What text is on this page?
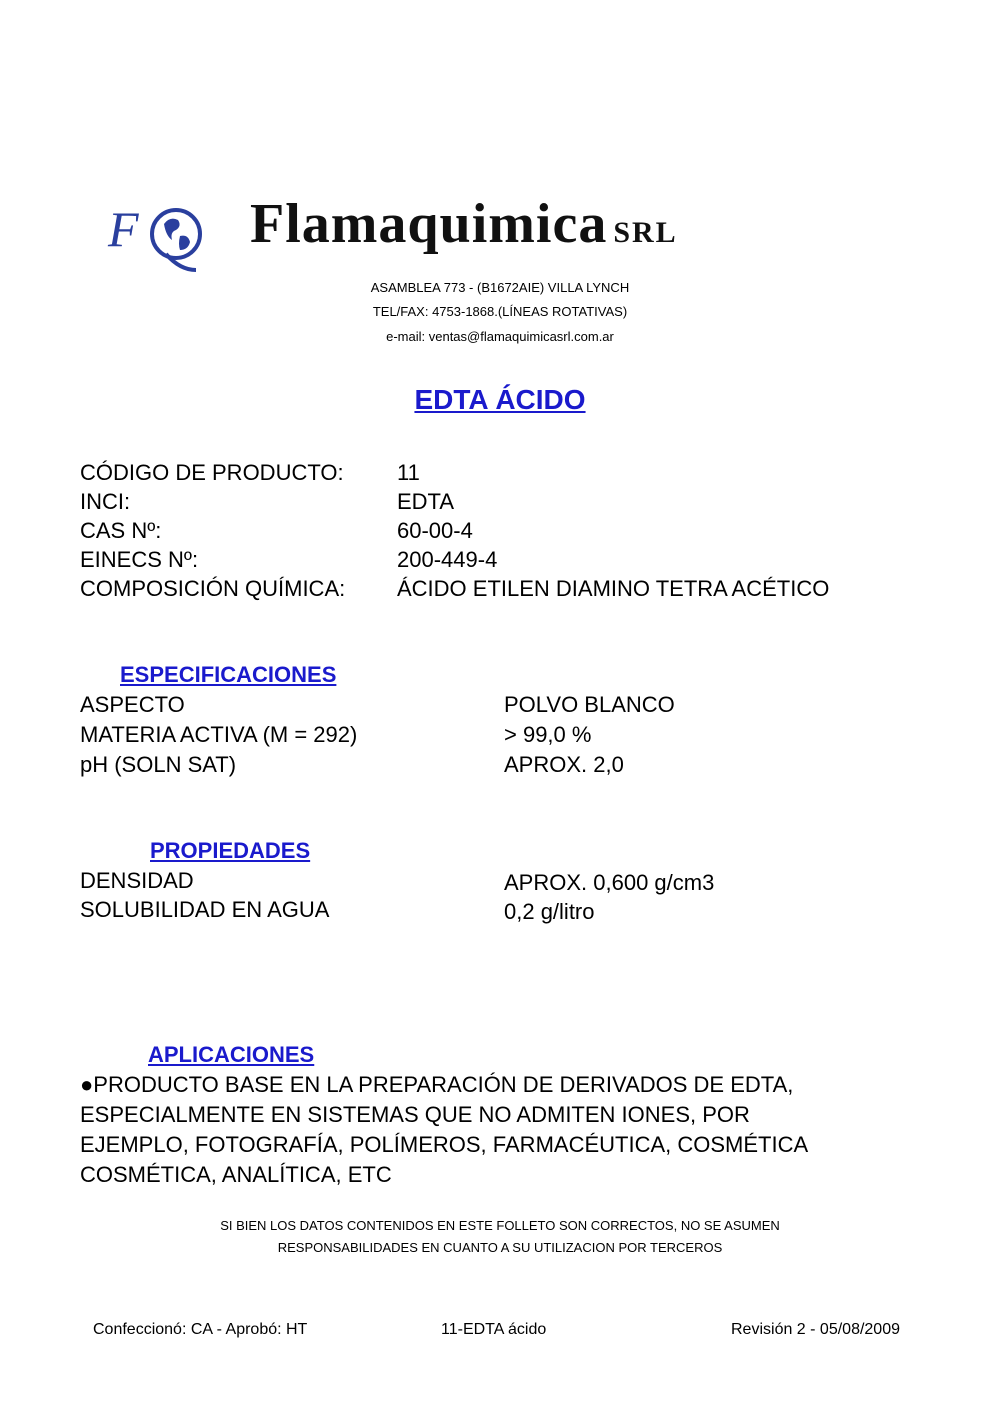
F Flamaquimica SRL
ASAMBLEA 773 - (B1672AIE) VILLA LYNCH
TEL/FAX: 4753-1868.(LÍNEAS ROTATIVAS)
e-mail: ventas@flamaquimicasrl.com.ar
EDTA ÁCIDO
CÓDIGO DE PRODUCTO: 11
INCI:	EDTA
CAS Nº:	60-00-4
EINECS Nº:	200-449-4
COMPOSICIÓN QUÍMICA: ÁCIDO ETILEN DIAMINO TETRA ACÉTICO
ESPECIFICACIONES
ASPECTO	POLVO BLANCO
MATERIA ACTIVA (M = 292)	> 99,0 %
pH (SOLN SAT)	APROX. 2,0
PROPIEDADES
DENSIDAD	APROX. 0,600 g/cm3
SOLUBILIDAD EN AGUA	0,2 g/litro
APLICACIONES
●PRODUCTO BASE EN LA PREPARACIÓN DE DERIVADOS DE EDTA,
ESPECIALMENTE EN SISTEMAS QUE NO ADMITEN IONES, POR
EJEMPLO, FOTOGRAFÍA, POLÍMEROS, FARMACÉUTICA, COSMÉTICA
COSMÉTICA, ANALÍTICA, ETC
SI BIEN LOS DATOS CONTENIDOS EN ESTE FOLLETO SON CORRECTOS, NO SE ASUMEN
RESPONSABILIDADES EN CUANTO A SU UTILIZACION POR TERCEROS
Confeccionó: CA - Aprobó: HT	11-EDTA ácido	Revisión 2 - 05/08/2009
